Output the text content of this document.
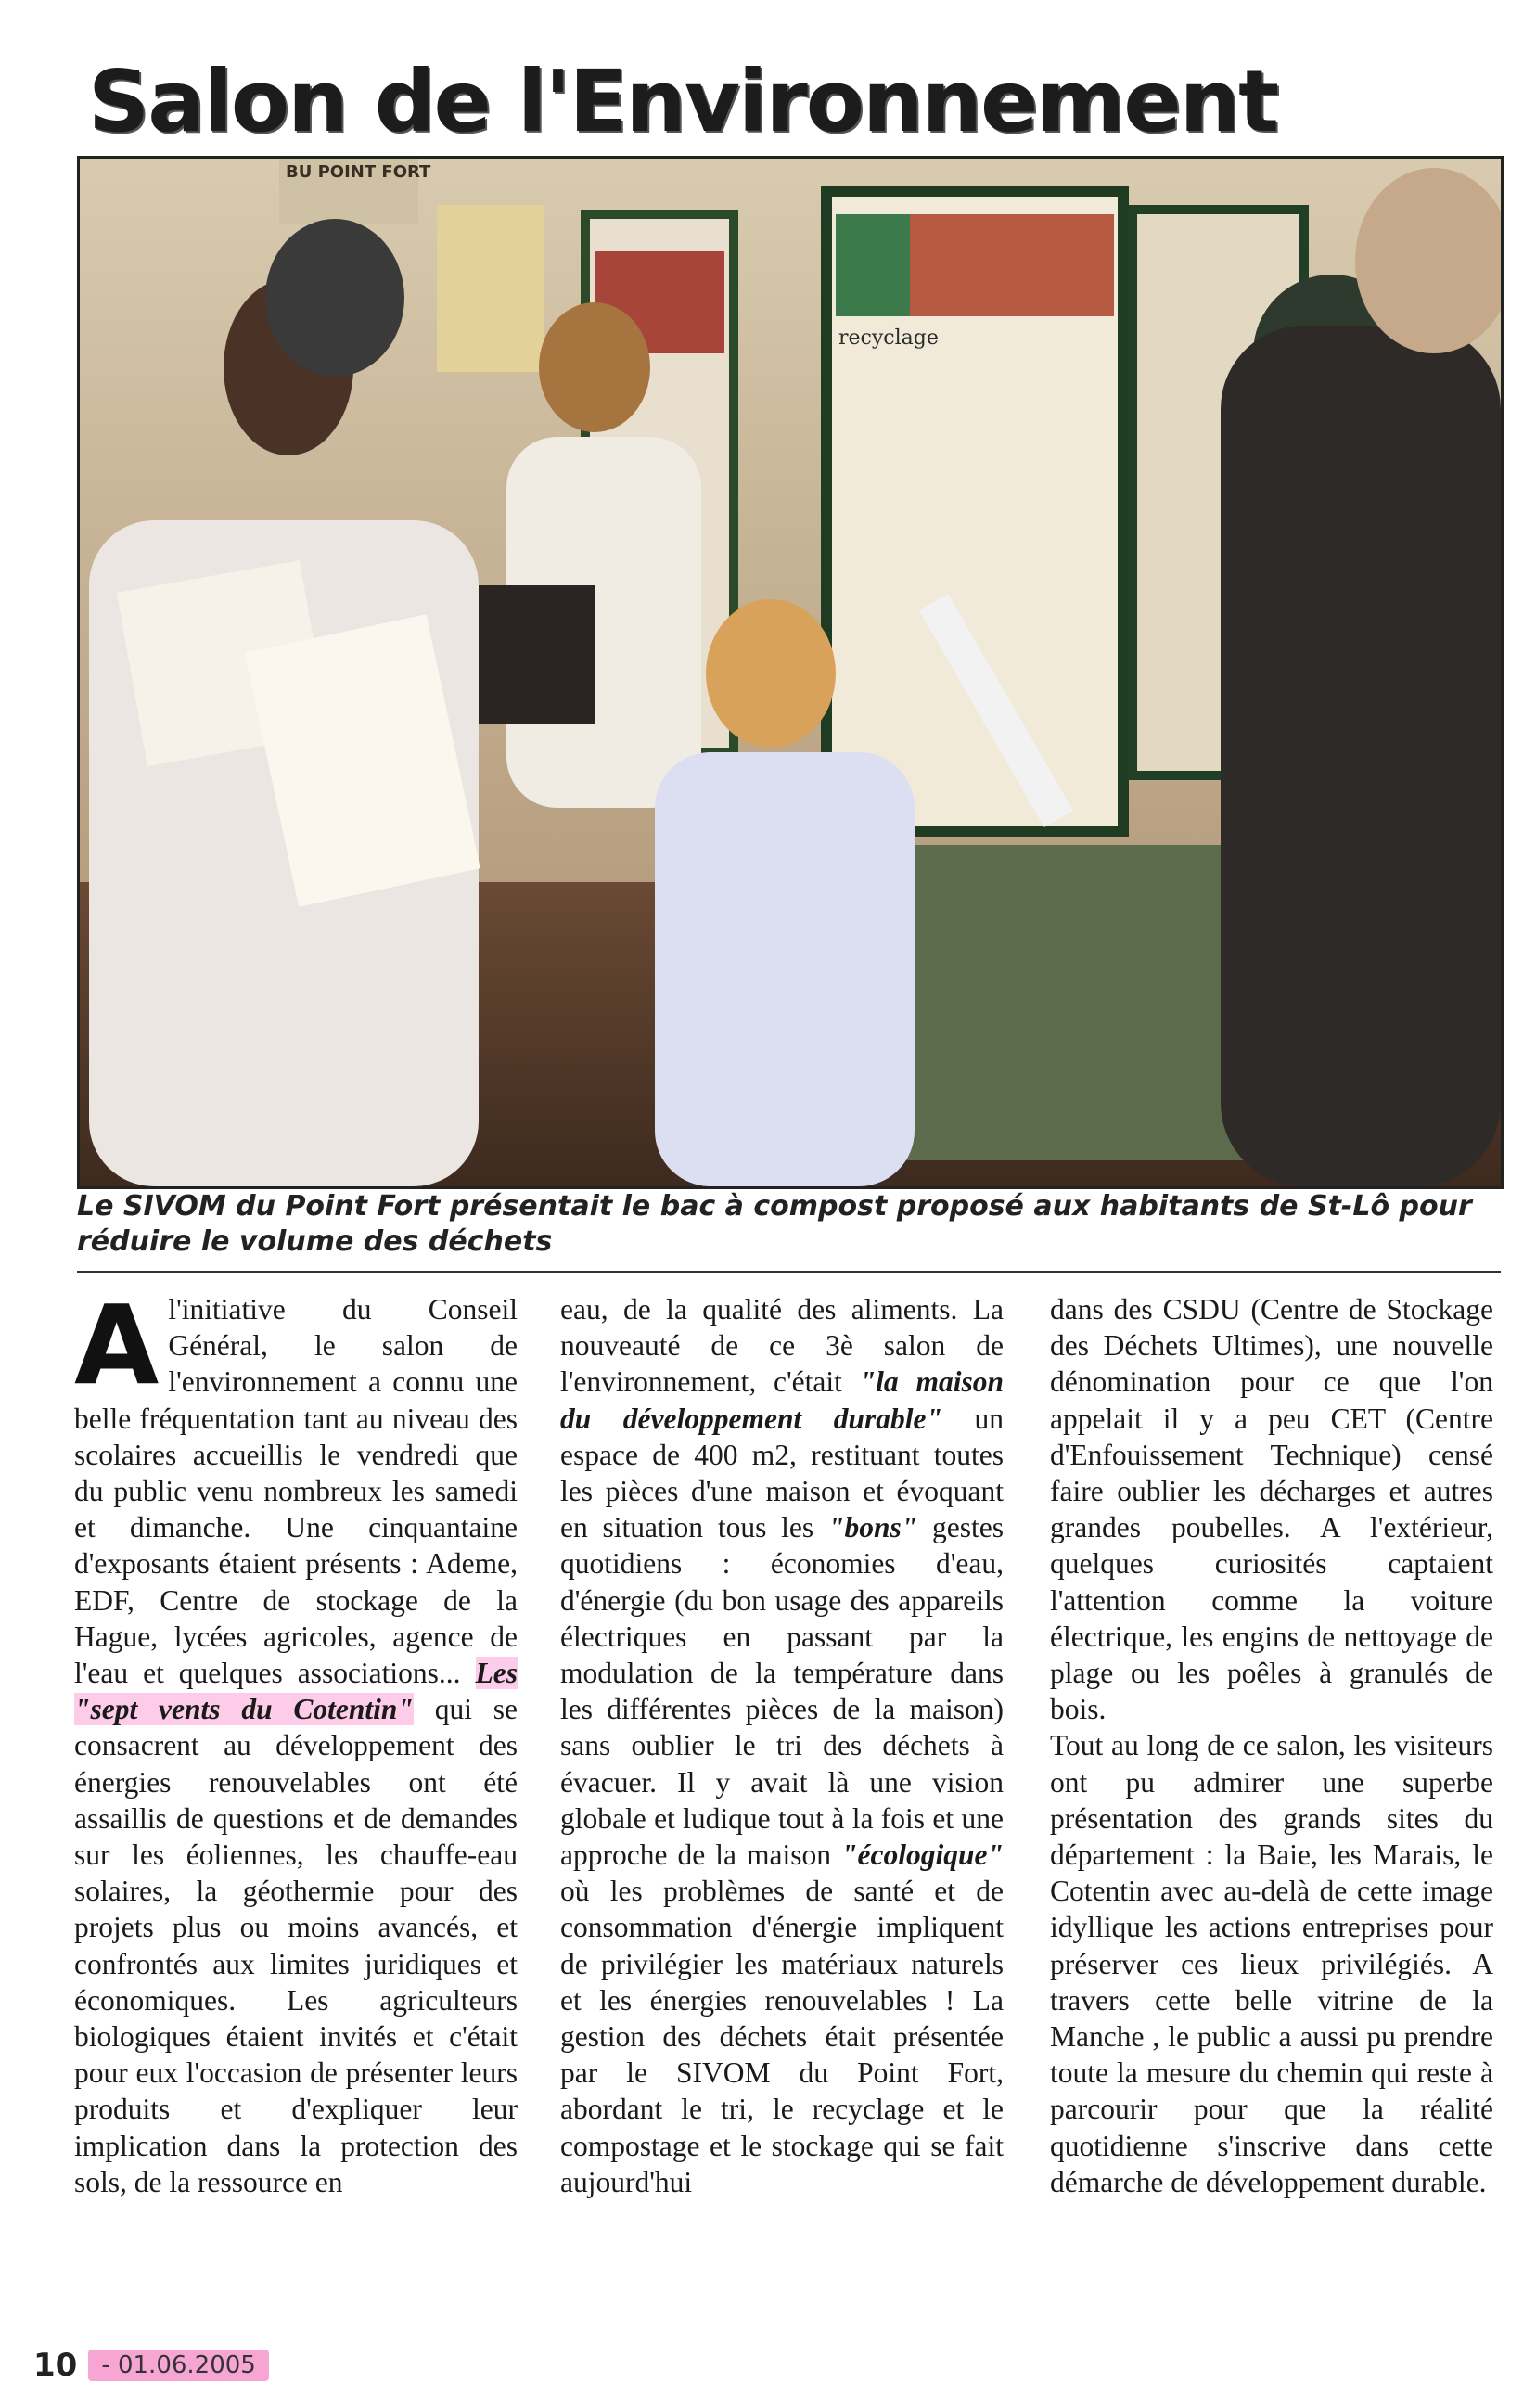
Salon de l'Environnement
BU POINT FORT
recyclage
Le SIVOM du Point Fort présentait le bac à compost proposé aux habitants de St-Lô pour réduire le volume des déchets
Al'initiative du Conseil Général, le salon de l'environnement a connu une belle fréquentation tant au niveau des scolaires accueillis le vendredi que du public venu nombreux les samedi et dimanche. Une cinquantaine d'exposants étaient présents : Ademe, EDF, Centre de stockage de la Hague, lycées agricoles, agence de l'eau et quelques associations... Les "sept vents du Cotentin" qui se consacrent au développement des énergies renouvelables ont été assaillis de questions et de demandes sur les éoliennes, les chauffe-eau solaires, la géothermie pour des projets plus ou moins avancés, et confrontés aux limites juridiques et économiques. Les agriculteurs biologiques étaient invités et c'était pour eux l'occasion de présenter leurs produits et d'expliquer leur implication dans la protection des sols, de la ressource en
eau, de la qualité des aliments. La nouveauté de ce 3è salon de l'environnement, c'était "la maison du développement durable" un espace de 400 m2, restituant toutes les pièces d'une maison et évoquant en situation tous les "bons" gestes quotidiens : économies d'eau, d'énergie (du bon usage des appareils électriques en passant par la modulation de la température dans les différentes pièces de la maison) sans oublier le tri des déchets à évacuer. Il y avait là une vision globale et ludique tout à la fois et une approche de la maison "écologique" où les problèmes de santé et de consommation d'énergie impliquent de privilégier les matériaux naturels et les énergies renouvelables ! La gestion des déchets était présentée par le SIVOM du Point Fort, abordant le tri, le recyclage et le compostage et le stockage qui se fait aujourd'hui
dans des CSDU (Centre de Stockage des Déchets Ultimes), une nouvelle dénomination pour ce que l'on appelait il y a peu CET (Centre d'Enfouissement Technique) censé faire oublier les décharges et autres grandes poubelles. A l'extérieur, quelques curiosités captaient l'attention comme la voiture électrique, les engins de nettoyage de plage ou les poêles à granulés de bois.
Tout au long de ce salon, les visiteurs ont pu admirer une superbe présentation des grands sites du département : la Baie, les Marais, le Cotentin avec au-delà de cette image idyllique les actions entreprises pour préserver ces lieux privilégiés. A travers cette belle vitrine de la Manche , le public a aussi pu prendre toute la mesure du chemin qui reste à parcourir pour que la réalité quotidienne s'inscrive dans cette démarche de développement durable.
10	- 01.06.2005
